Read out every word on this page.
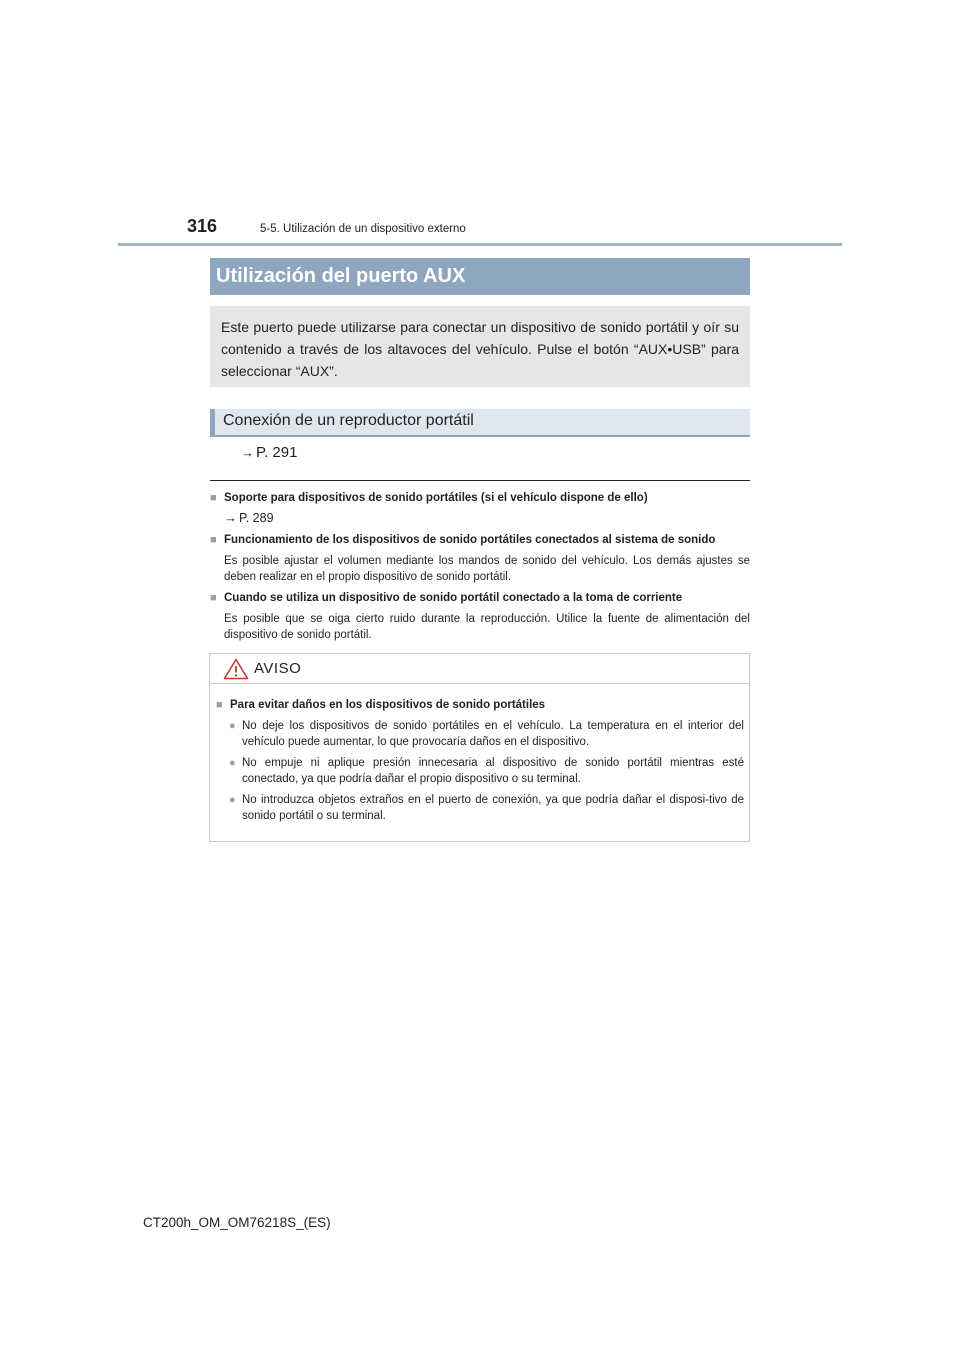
316	5-5. Utilización de un dispositivo externo
Utilización del puerto AUX
Este puerto puede utilizarse para conectar un dispositivo de sonido portátil y oír su contenido a través de los altavoces del vehículo. Pulse el botón “AUX•USB” para seleccionar “AUX”.
Conexión de un reproductor portátil
→ P. 291
■ Soporte para dispositivos de sonido portátiles (si el vehículo dispone de ello)
→ P. 289
■ Funcionamiento de los dispositivos de sonido portátiles conectados al sistema de sonido
Es posible ajustar el volumen mediante los mandos de sonido del vehículo. Los demás ajustes se deben realizar en el propio dispositivo de sonido portátil.
■ Cuando se utiliza un dispositivo de sonido portátil conectado a la toma de corriente
Es posible que se oiga cierto ruido durante la reproducción. Utilice la fuente de alimentación del dispositivo de sonido portátil.
AVISO
■ Para evitar daños en los dispositivos de sonido portátiles
● No deje los dispositivos de sonido portátiles en el vehículo. La temperatura en el interior del vehículo puede aumentar, lo que provocaría daños en el dispositivo.
● No empuje ni aplique presión innecesaria al dispositivo de sonido portátil mientras esté conectado, ya que podría dañar el propio dispositivo o su terminal.
● No introduzca objetos extraños en el puerto de conexión, ya que podría dañar el disposi-tivo de sonido portátil o su terminal.
CT200h_OM_OM76218S_(ES)
